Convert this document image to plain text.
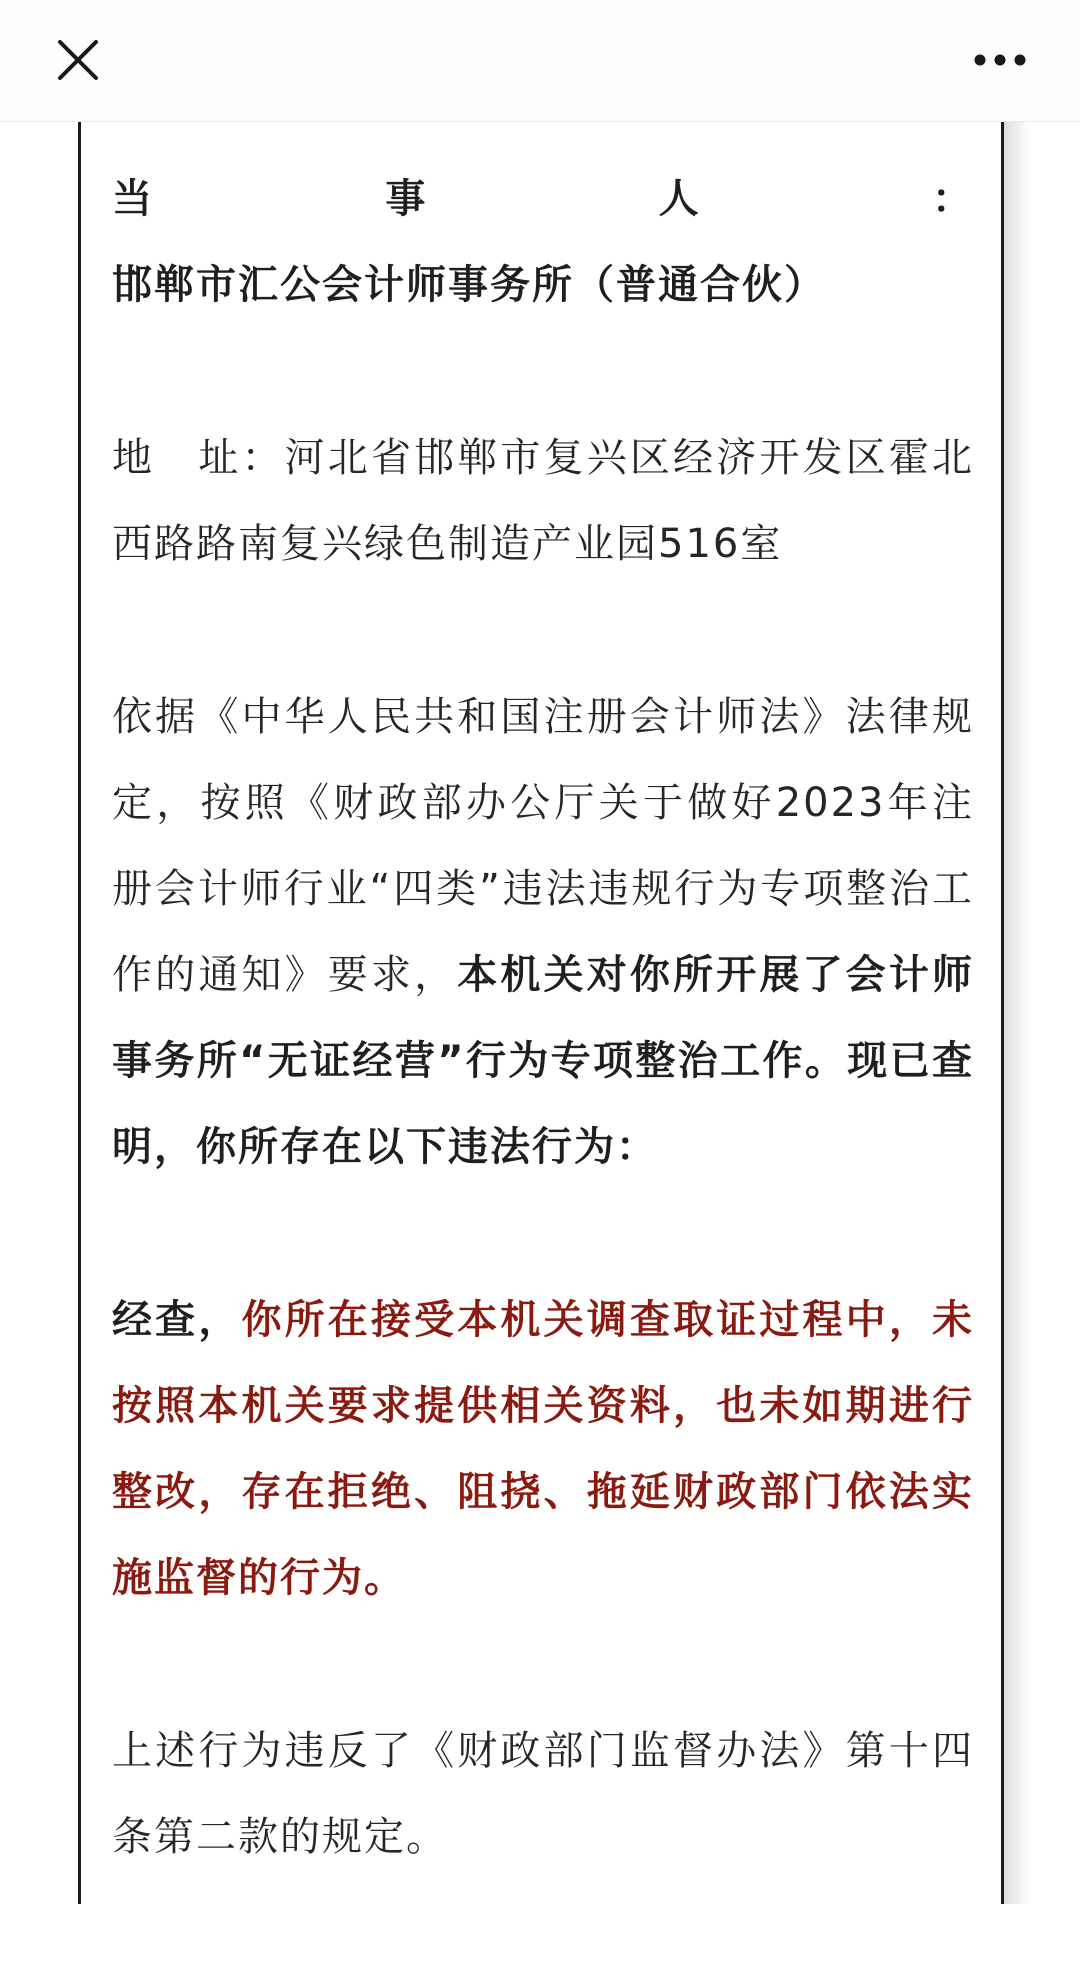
当事人：邯郸市汇公会计师事务所（普通合伙）

地　址：河北省邯郸市复兴区经济开发区霍北西路路南复兴绿色制造产业园516室

依据《中华人民共和国注册会计师法》法律规定，按照《财政部办公厅关于做好2023年注册会计师行业“四类”违法违规行为专项整治工作的通知》要求，本机关对你所开展了会计师事务所“无证经营”行为专项整治工作。现已查明，你所存在以下违法行为：

经查，你所在接受本机关调查取证过程中，未按照本机关要求提供相关资料，也未如期进行整改，存在拒绝、阻挠、拖延财政部门依法实施监督的行为。

上述行为违反了《财政部门监督办法》第十四条第二款的规定。
